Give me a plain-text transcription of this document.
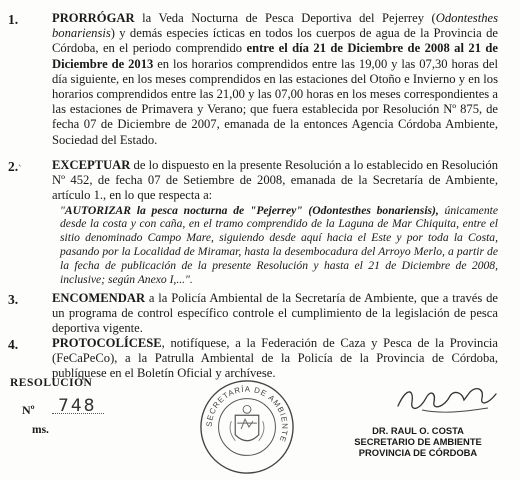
1.	PRORRÓGAR la Veda Nocturna de Pesca Deportiva del Pejerrey (Odontesthes bonariensis) y demás especies ícticas en todos los cuerpos de agua de la Provincia de Córdoba, en el periodo comprendido entre el día 21 de Diciembre de 2008 al 21 de Diciembre de 2013 en los horarios comprendidos entre las 19,00 y las 07,30 horas del día siguiente, en los meses comprendidos en las estaciones del Otoño e Invierno y en los horarios comprendidos entre las 21,00 y las 07,00 horas en los meses correspondientes a las estaciones de Primavera y Verano; que fuera establecida por Resolución Nº 875, de fecha 07 de Diciembre de 2007, emanada de la entonces Agencia Córdoba Ambiente, Sociedad del Estado.
`
2.	EXCEPTUAR de lo dispuesto en la presente Resolución a lo establecido en Resolución Nº 452, de fecha 07 de Setiembre de 2008, emanada de la Secretaría de Ambiente, artículo 1., en lo que respecta a:
"AUTORIZAR la pesca nocturna de "Pejerrey" (Odontesthes bonariensis), únicamente desde la costa y con caña, en el tramo comprendido de la Laguna de Mar Chiquita, entre el sitio denominado Campo Mare, siguiendo desde aquí hacia el Este y por toda la Costa, pasando por la Localidad de Miramar, hasta la desembocadura del Arroyo Merlo, a partir de la fecha de publicación de la presente Resolución y hasta el 21 de Diciembre de 2008, inclusive; según Anexo I,...".
3.	ENCOMENDAR a la Policía Ambiental de la Secretaría de Ambiente, que a través de un programa de control específico controle el cumplimiento de la legislación de pesca deportiva vigente.
4.	PROTOCOLÍCESE, notifíquese, a la Federación de Caza y Pesca de la Provincia (FeCaPeCo), a la Patrulla Ambiental de la Policía de la Provincia de Córdoba, publíquese en el Boletín Oficial y archívese.
RESOLUCIÓN
Nº 748
ms.
SECRETARÍA DE AMBIENTE
DR. RAUL O. COSTA
SECRETARIO DE AMBIENTE
PROVINCIA DE CÓRDOBA
